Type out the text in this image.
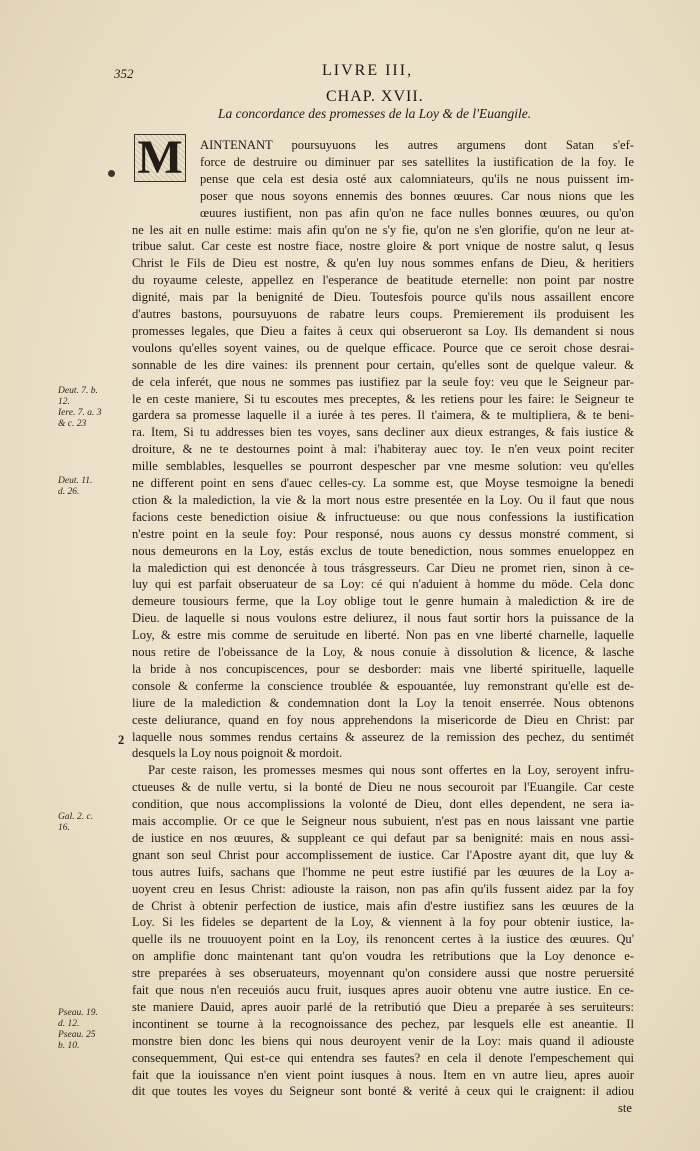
352	LIVRE III,
CHAP. XVII.
La concordance des promesses de la Loy & de l'Euangile.
M
2
AINTENANT poursuyuons les autres argumens dont Satan s'ef-
force de destruire ou diminuer par ses satellites la iustification de la foy. Ie
pense que cela est desia osté aux calomniateurs, qu'ils ne nous puissent im-
poser que nous soyons ennemis des bonnes œuures. Car nous nions que les
œuures iustifient, non pas afin qu'on ne face nulles bonnes œuures, ou qu'on
ne les ait en nulle estime: mais afin qu'on ne s'y fie, qu'on ne s'en glorifie, qu'on ne leur at-
tribue salut. Car ceste est nostre fiace, nostre gloire & port vnique de nostre salut, q Iesus
Christ le Fils de Dieu est nostre, & qu'en luy nous sommes enfans de Dieu, & heritiers
du royaume celeste, appellez en l'esperance de beatitude eternelle: non point par nostre
dignité, mais par la benignité de Dieu. Toutesfois pource qu'ils nous assaillent encore
d'autres bastons, poursuyuons de rabatre leurs coups. Premierement ils produisent les
promesses legales, que Dieu a faites à ceux qui obserueront sa Loy. Ils demandent si nous
voulons qu'elles soyent vaines, ou de quelque efficace. Pource que ce seroit chose desrai-
sonnable de les dire vaines: ils prennent pour certain, qu'elles sont de quelque valeur. &
de cela inferét, que nous ne sommes pas iustifiez par la seule foy: veu que le Seigneur par-
le en ceste maniere, Si tu escoutes mes preceptes, & les retiens pour les faire: le Seigneur te
gardera sa promesse laquelle il a iurée à tes peres. Il t'aimera, & te multipliera, & te beni-
ra. Item, Si tu addresses bien tes voyes, sans decliner aux dieux estranges, & fais iustice &
droiture, & ne te destournes point à mal: i'habiteray auec toy. Ie n'en veux point reciter
mille semblables, lesquelles se pourront despescher par vne mesme solution: veu qu'elles
ne different point en sens d'auec celles-cy. La somme est, que Moyse tesmoigne la benedi
ction & la malediction, la vie & la mort nous estre presentée en la Loy. Ou il faut que nous
facions ceste benediction oisiue & infructueuse: ou que nous confessions la iustification
n'estre point en la seule foy: Pour responsé, nous auons cy dessus monstré comment, si
nous demeurons en la Loy, estás exclus de toute benediction, nous sommes enueloppez en
la malediction qui est denoncée à tous trásgresseurs. Car Dieu ne promet rien, sinon à ce-
luy qui est parfait obseruateur de sa Loy: cé qui n'aduient à homme du möde. Cela donc
demeure tousiours ferme, que la Loy oblige tout le genre humain à malediction & ire de
Dieu. de laquelle si nous voulons estre deliurez, il nous faut sortir hors la puissance de la
Loy, & estre mis comme de seruitude en liberté. Non pas en vne liberté charnelle, laquelle
nous retire de l'obeissance de la Loy, & nous conuie à dissolution & licence, & lasche
la bride à nos concupiscences, pour se desborder: mais vne liberté spirituelle, laquelle
console & conferme la conscience troublée & espouantée, luy remonstrant qu'elle est de-
liure de la malediction & condemnation dont la Loy la tenoit enserrée. Nous obtenons
ceste deliurance, quand en foy nous apprehendons la misericorde de Dieu en Christ: par
laquelle nous sommes rendus certains & asseurez de la remission des pechez, du sentimét
desquels la Loy nous poignoit & mordoit.
Par ceste raison, les promesses mesmes qui nous sont offertes en la Loy, seroyent infru-
ctueuses & de nulle vertu, si la bonté de Dieu ne nous secouroit par l'Euangile. Car ceste
condition, que nous accomplissions la volonté de Dieu, dont elles dependent, ne sera ia-
mais accomplie. Or ce que le Seigneur nous subuient, n'est pas en nous laissant vne partie
de iustice en nos œuures, & suppleant ce qui defaut par sa benignité: mais en nous assi-
gnant son seul Christ pour accomplissement de iustice. Car l'Apostre ayant dit, que luy &
tous autres Iuifs, sachans que l'homme ne peut estre iustifié par les œuures de la Loy a-
uoyent creu en Iesus Christ: adiouste la raison, non pas afin qu'ils fussent aidez par la foy
de Christ à obtenir perfection de iustice, mais afin d'estre iustifiez sans les œuures de la
Loy. Si les fideles se departent de la Loy, & viennent à la foy pour obtenir iustice, la-
quelle ils ne trouuoyent point en la Loy, ils renoncent certes à la iustice des œuures. Qu'
on amplifie donc maintenant tant qu'on voudra les retributions que la Loy denonce e-
stre preparées à ses obseruateurs, moyennant qu'on considere aussi que nostre peruersité
fait que nous n'en receuiós aucu fruit, iusques apres auoir obtenu vne autre iustice. En ce-
ste maniere Dauid, apres auoir parlé de la retributió que Dieu a preparée à ses seruiteurs:
incontinent se tourne à la recognoissance des pechez, par lesquels elle est aneantie. Il
monstre bien donc les biens qui nous deuroyent venir de la Loy: mais quand il adiouste
consequemment, Qui est-ce qui entendra ses fautes? en cela il denote l'empeschement qui
fait que la iouissance n'en vient point iusques à nous. Item en vn autre lieu, apres auoir
dit que toutes les voyes du Seigneur sont bonté & verité à ceux qui le craignent: il adiou
ste
Deut. 7. b.
12.
Iere. 7. a. 3
& c. 23
Deut. 11.
d. 26.
Gal. 2. c.
16.
Pseau. 19.
d. 12.
Pseau. 25
b. 10.
